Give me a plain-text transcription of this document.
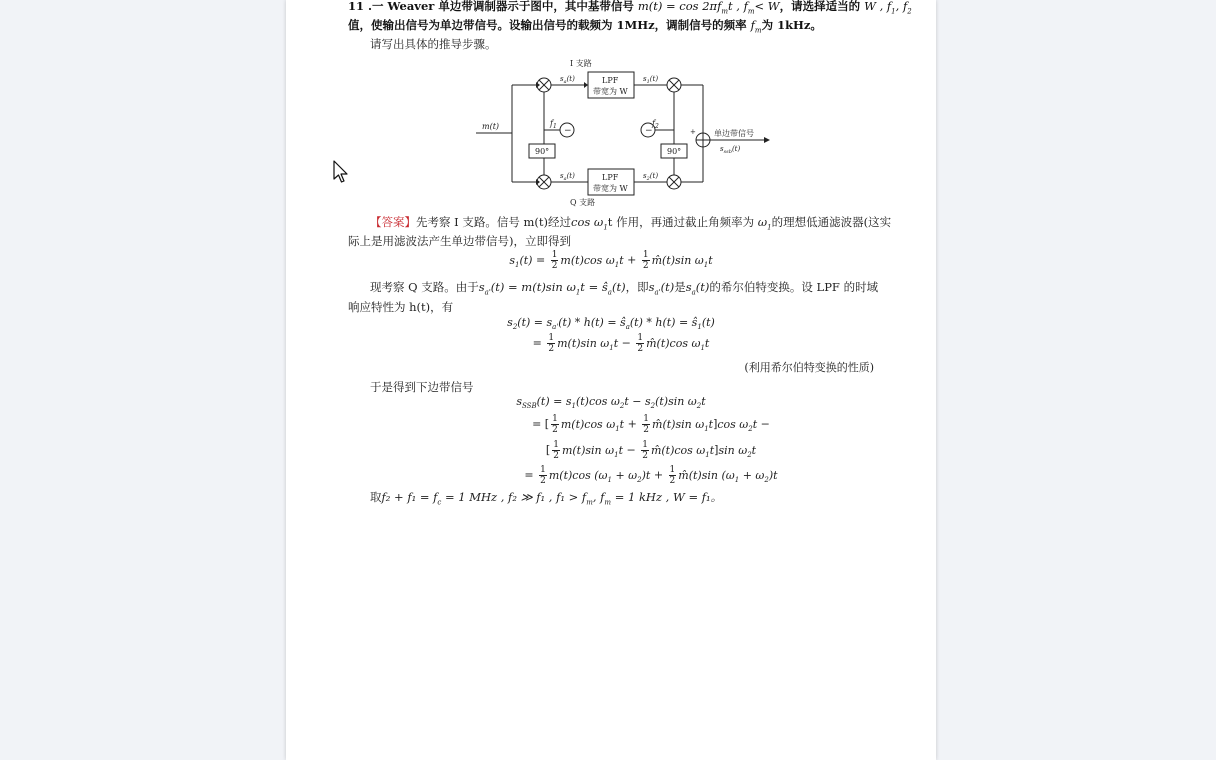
11 .一 Weaver 单边带调制器示于图中，其中基带信号 $m(t) = \cos 2\pi f_mt$ , $f_m< W$，请选择适当的 W , $f_1$, $f_2$
值，使输出信号为单边带信号。设输出信号的载频为 1MHz，调制信号的频率 $f_m$为 1kHz。
请写出具体的推导步骤。
I 支路
Q 支路
m(t)
LPF
带宽为 W
LPF
带宽为 W
90°	90°
$f_1$	$f_2$
−	−	+
$s_a(t)$	$s_1(t)$
$s_a(t)$	$s_2(t)$
单边带信号
$s_{ssb}(t)$
【答案】先考察 I 支路。信号 m(t)经过$\cos \omega_1t$ 作用，再通过截止角频率为 $\omega_1$的理想低通滤波器(这实
际上是用滤波法产生单边带信号)，立即得到
$s_1(t) = \frac{1}{2} m(t)\cos$ $\omega_1t + \frac{1}{2}$ m̂(t)sin $\omega_1t$
现考察 Q 支路。由于$s_{a'}(t) = m(t)\sin$ $\omega_1t$ = $ŝ_a(t)$，即$s_{a'}(t)$是$s_a(t)$的希尔伯特变换。设 LPF 的时域
响应特性为 h(t)，有
$s_2(t) = s_{a'}(t) * h(t)$ = $ŝ_a(t) * h(t)$ = $ŝ_1(t)$
= $\frac{1}{2} m(t)\sin$ $\omega_1t - \frac{1}{2}$ m̂(t)cos $\omega_1t$
(利用希尔伯特变换的性质)
于是得到下边带信号
$s_{SSB}(t) = s_1(t)\cos$ $\omega_2t - s_2(t)\sin$ $\omega_2t$
= [ $\frac{1}{2} m(t)\cos$ $\omega_1t + \frac{1}{2}$ m̂(t)sin $\omega_1t]\cos$ $\omega_2t$ −
[ $\frac{1}{2} m(t)\sin$ $\omega_1t - \frac{1}{2}$ m̂(t)cos $\omega_1t]\sin$ $\omega_2t$
= $\frac{1}{2} m(t)\cos$ $(\omega_1 + \omega_2)t + \frac{1}{2}$ m̂(t)sin $(\omega_1 + \omega_2)t$
取$f_2 + f_1 = f_c = 1$ MHz , f₂ ≫ f₁ , $f_1 > f_m$, $f_m = 1$ kHz , W = f₁。
